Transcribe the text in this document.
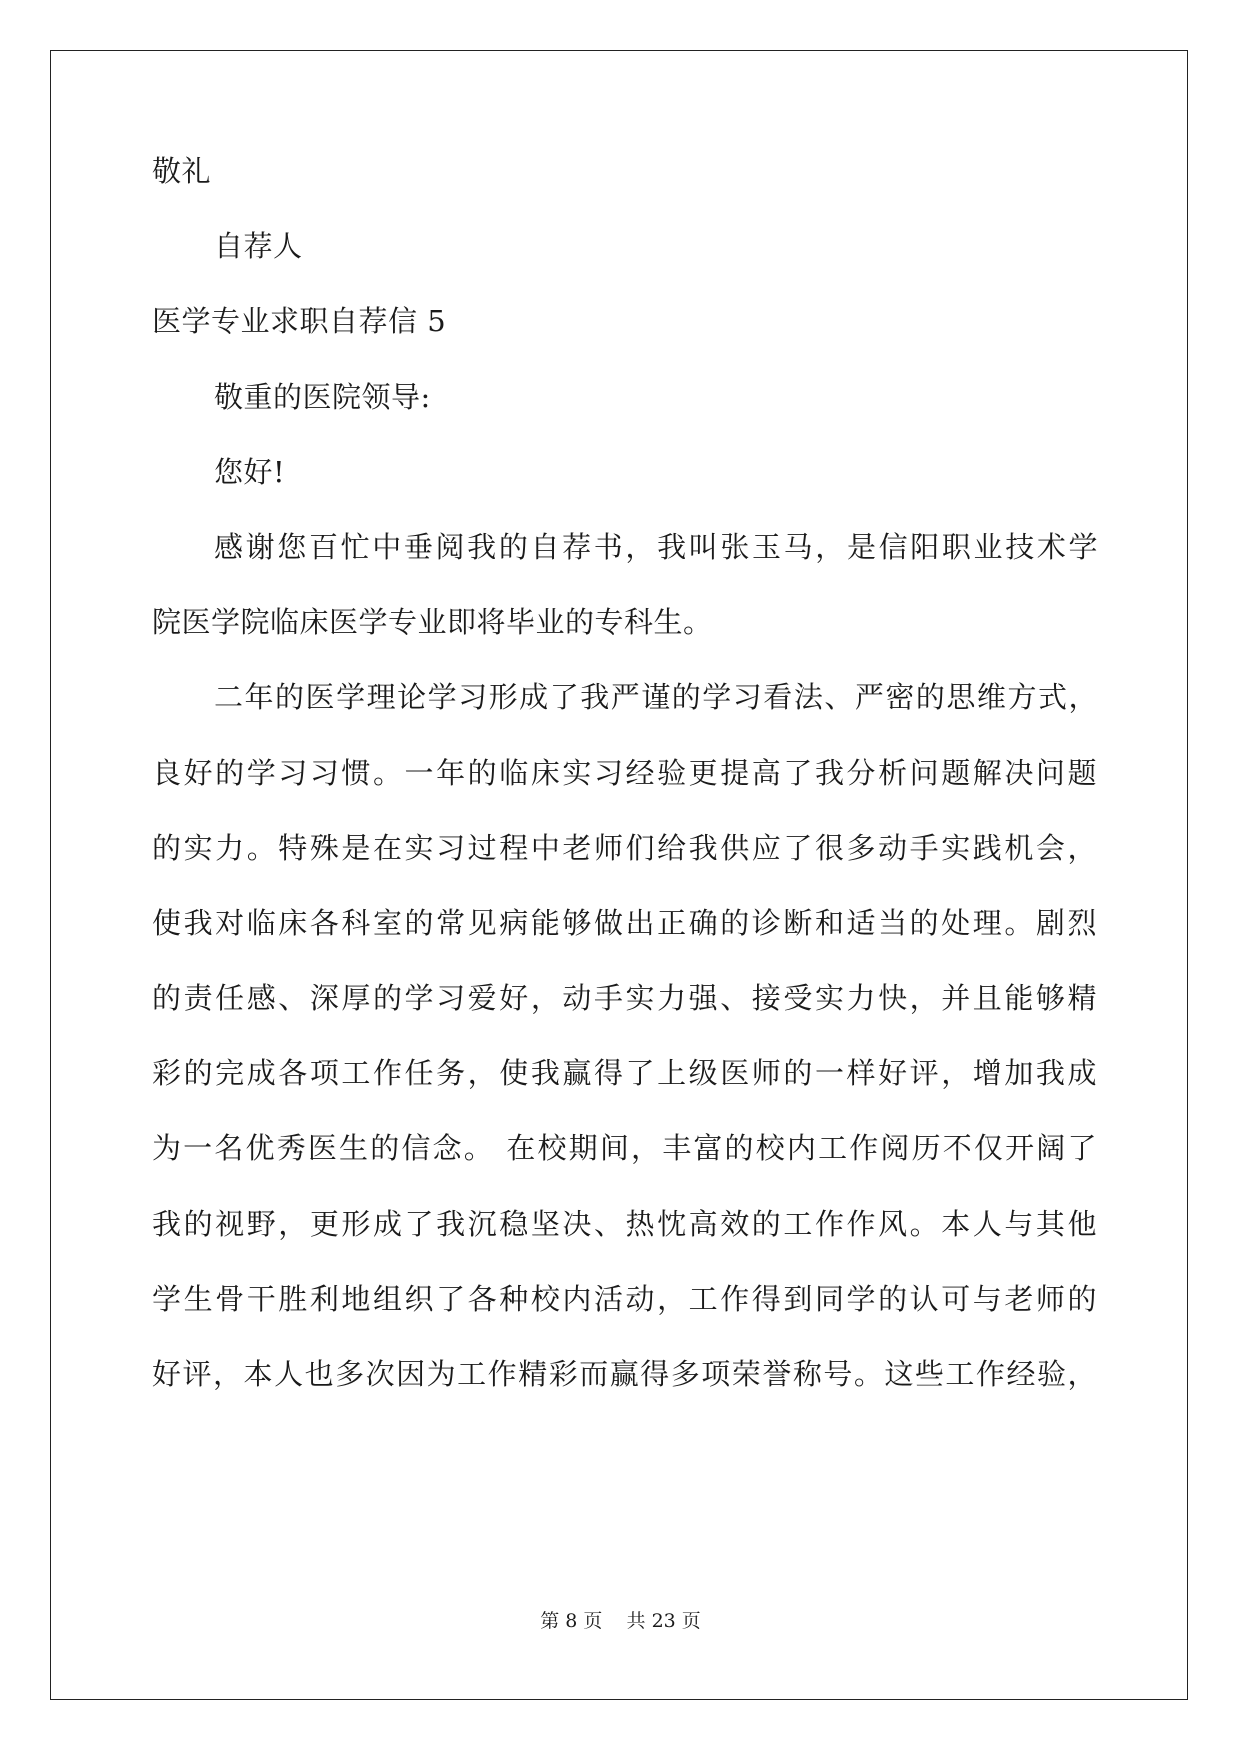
敬礼
自荐人
医学专业求职自荐信 5
敬重的医院领导:
您好!
感谢您百忙中垂阅我的自荐书，我叫张玉马，是信阳职业技术学
院医学院临床医学专业即将毕业的专科生。
二年的医学理论学习形成了我严谨的学习看法、严密的思维方式，
良好的学习习惯。一年的临床实习经验更提高了我分析问题解决问题
的实力。特殊是在实习过程中老师们给我供应了很多动手实践机会，
使我对临床各科室的常见病能够做出正确的诊断和适当的处理。剧烈
的责任感、深厚的学习爱好，动手实力强、接受实力快，并且能够精
彩的完成各项工作任务，使我赢得了上级医师的一样好评，增加我成
为一名优秀医生的信念。 在校期间，丰富的校内工作阅历不仅开阔了
我的视野，更形成了我沉稳坚决、热忱高效的工作作风。本人与其他
学生骨干胜利地组织了各种校内活动，工作得到同学的认可与老师的
好评，本人也多次因为工作精彩而赢得多项荣誉称号。这些工作经验，
第 8 页    共 23 页
